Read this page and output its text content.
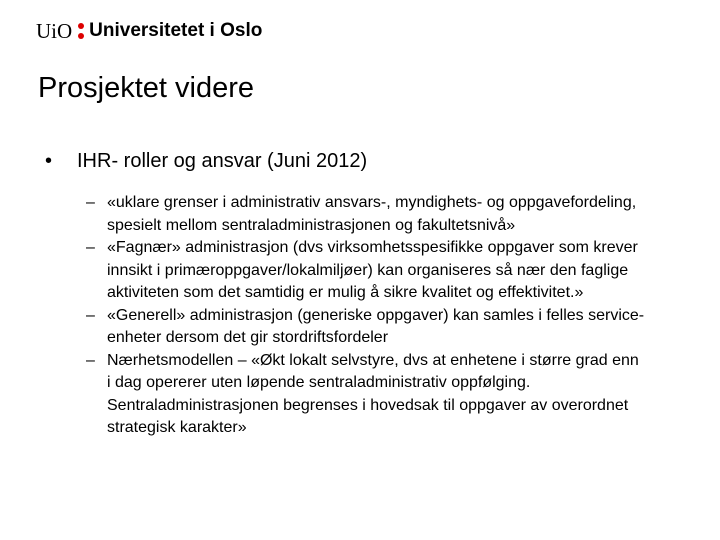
UiO Universitetet i Oslo
Prosjektet videre
•	IHR- roller og ansvar (Juni 2012)
– «uklare grenser i administrativ ansvars-, myndighets- og oppgavefordeling, spesielt mellom sentraladministrasjonen og fakultetsnivå»
– «Fagnær» administrasjon (dvs virksomhetsspesifikke oppgaver som krever innsikt i primæroppgaver/lokalmiljøer) kan organiseres så nær den faglige aktiviteten som det samtidig er mulig å sikre kvalitet og effektivitet.»
– «Generell» administrasjon (generiske oppgaver) kan samles i felles service-enheter dersom det gir stordriftsfordeler
– Nærhetsmodellen – «Økt lokalt selvstyre, dvs at enhetene i større grad enn i dag opererer uten løpende sentraladministrativ oppfølging. Sentraladministrasjonen begrenses i hovedsak til oppgaver av overordnet strategisk karakter»
